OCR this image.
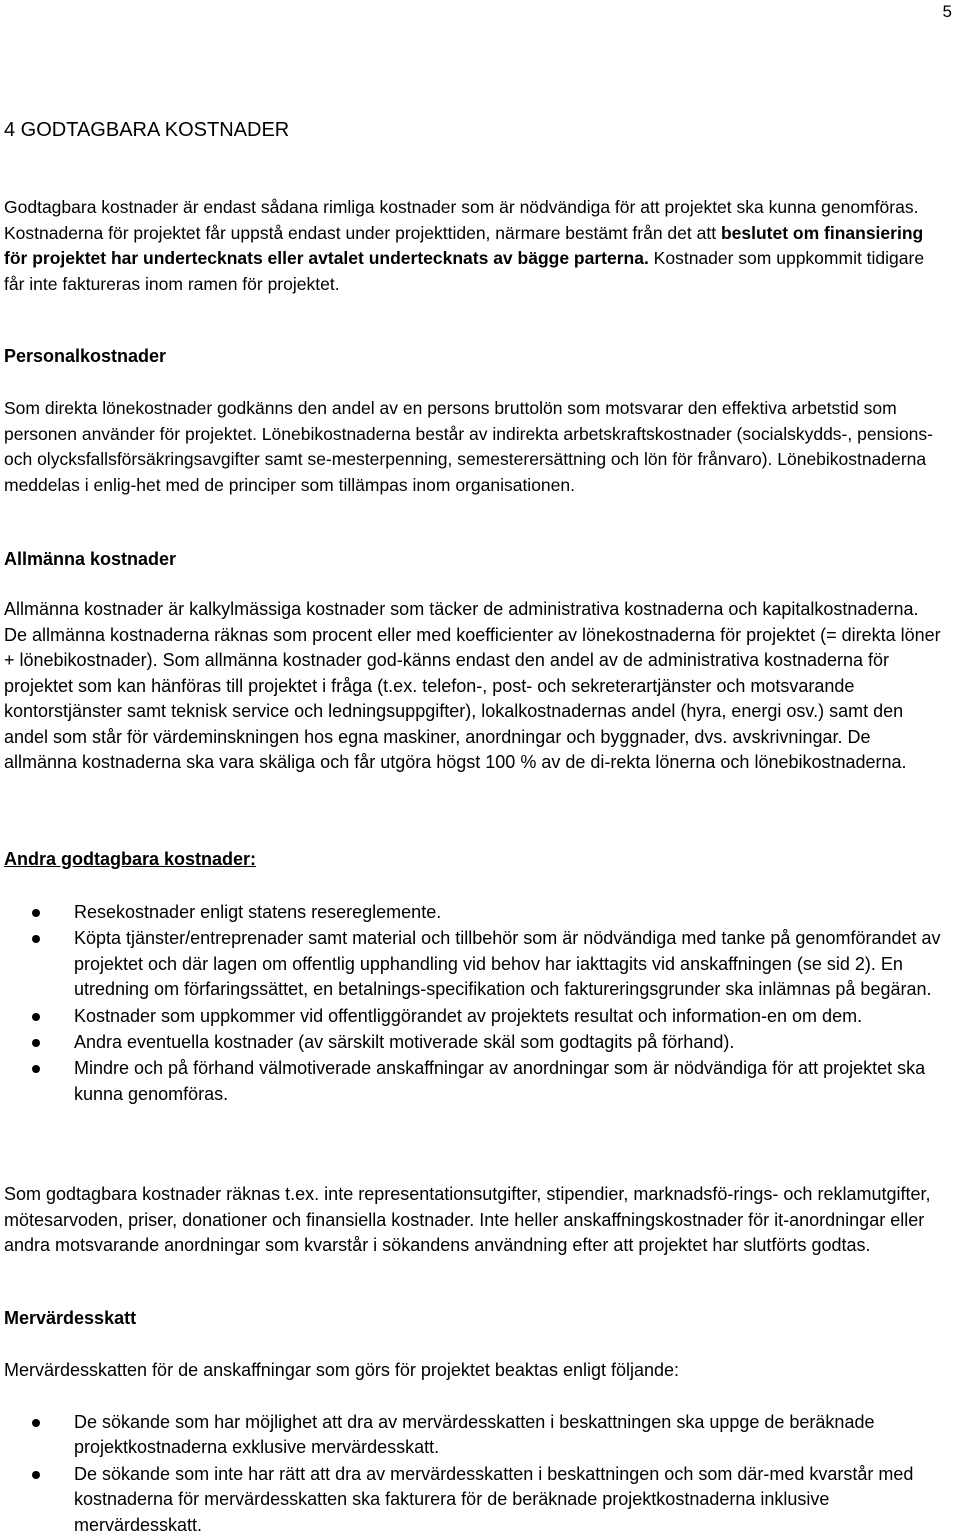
5
4 GODTAGBARA KOSTNADER

Godtagbara kostnader är endast sådana rimliga kostnader som är nödvändiga för att projektet ska kunna genomföras. Kostnaderna för projektet får uppstå endast under projekttiden, närmare bestämt från det att beslutet om finansiering för projektet har undertecknats eller avtalet undertecknats av bägge parterna. Kostnader som uppkommit tidigare får inte faktureras inom ramen för projektet.

Personalkostnader

Som direkta lönekostnader godkänns den andel av en persons bruttolön som motsvarar den effektiva arbetstid som personen använder för projektet. Lönebikostnaderna består av indirekta arbetskraftskostnader (socialskydds-, pensions- och olycksfallsförsäkringsavgifter samt se-mesterpenning, semesterersättning och lön för frånvaro). Lönebikostnaderna meddelas i enlig-het med de principer som tillämpas inom organisationen.

Allmänna kostnader

Allmänna kostnader är kalkylmässiga kostnader som täcker de administrativa kostnaderna och kapitalkostnaderna. De allmänna kostnaderna räknas som procent eller med koefficienter av lönekostnaderna för projektet (= direkta löner + lönebikostnader). Som allmänna kostnader god-känns endast den andel av de administrativa kostnaderna för projektet som kan hänföras till projektet i fråga (t.ex. telefon-, post- och sekreterartjänster och motsvarande kontorstjänster samt teknisk service och ledningsuppgifter), lokalkostnadernas andel (hyra, energi osv.) samt den andel som står för värdeminskningen hos egna maskiner, anordningar och byggnader, dvs. avskrivningar. De allmänna kostnaderna ska vara skäliga och får utgöra högst 100 % av de di-rekta lönerna och lönebikostnaderna.

Andra godtagbara kostnader:
Resekostnader enligt statens resereglemente.
Köpta tjänster/entreprenader samt material och tillbehör som är nödvändiga med tanke på genomförandet av projektet och där lagen om offentlig upphandling vid behov har iakttagits vid anskaffningen (se sid 2). En utredning om förfaringssättet, en betalnings-specifikation och faktureringsgrunder ska inlämnas på begäran.
Kostnader som uppkommer vid offentliggörandet av projektets resultat och information-en om dem.
Andra eventuella kostnader (av särskilt motiverade skäl som godtagits på förhand).
Mindre och på förhand välmotiverade anskaffningar av anordningar som är nödvändiga för att projektet ska kunna genomföras.

Som godtagbara kostnader räknas t.ex. inte representationsutgifter, stipendier, marknadsfö-rings- och reklamutgifter, mötesarvoden, priser, donationer och finansiella kostnader. Inte heller anskaffningskostnader för it-anordningar eller andra motsvarande anordningar som kvarstår i sökandens användning efter att projektet har slutförts godtas.

Mervärdesskatt

Mervärdesskatten för de anskaffningar som görs för projektet beaktas enligt följande:

De sökande som har möjlighet att dra av mervärdesskatten i beskattningen ska uppge de beräknade projektkostnaderna exklusive mervärdesskatt.
De sökande som inte har rätt att dra av mervärdesskatten i beskattningen och som där-med kvarstår med kostnaderna för mervärdesskatten ska fakturera för de beräknade projektkostnaderna inklusive mervärdesskatt.
